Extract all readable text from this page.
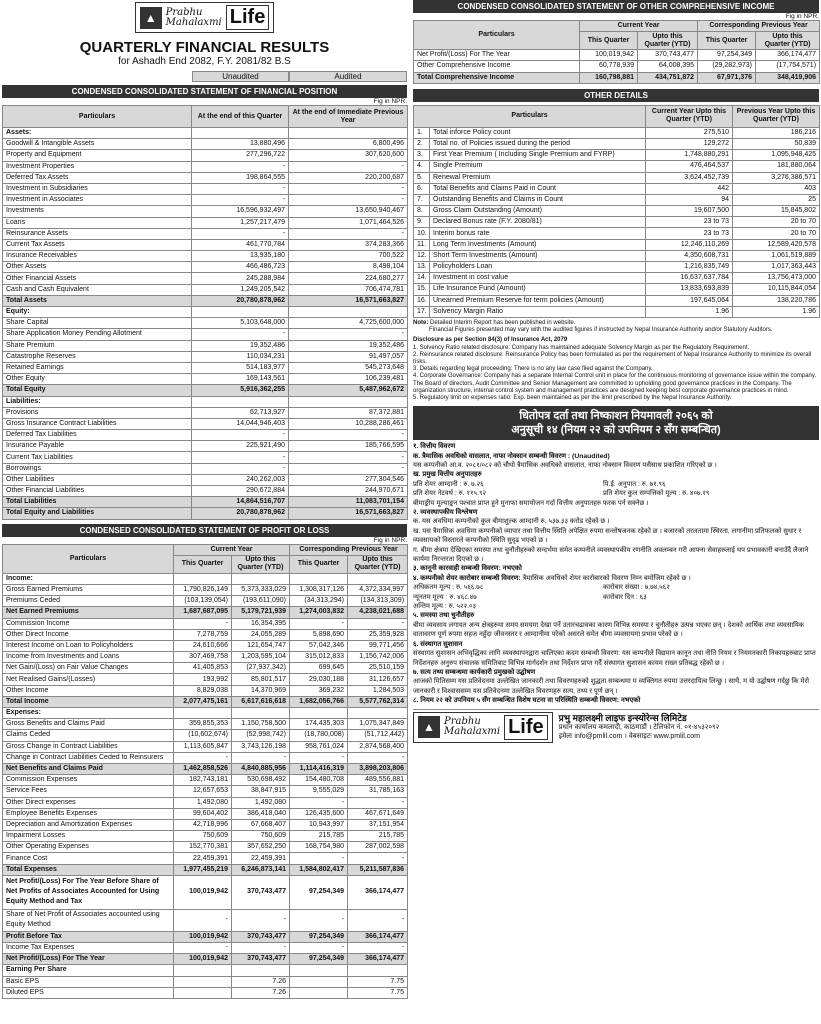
▲ Prabhu
Mahalaxmi Life
QUARTERLY FINANCIAL RESULTS
for Ashadh End 2082, F.Y. 2081/82 B.S
Unaudited	Audited
CONDENSED CONSOLIDATED STATEMENT OF FINANCIAL POSITION
Fig in NPR.
Particulars	At the end of this Quarter	At the end of Immediate Previous Year
Assets:		
Goodwill & Intangible Assets	13,880,496	6,800,496
Property and Equipment	277,296,722	307,620,600
Investment Properties	-	-
Deferred Tax Assets	198,864,555	220,200,687
Investment in Subsidiaries	-	-
Investment in Associates	-	-
Investments	16,596,932,497	13,650,940,467
Loans	1,257,217,479	1,071,464,526
Reinsurance Assets	-	-
Current Tax Assets	461,770,784	374,283,366
Insurance Receivables	13,935,180	700,522
Other Assets	466,486,723	8,498,104
Other Financial Assets	245,288,984	224,680,277
Cash and Cash Equivalent	1,249,205,542	706,474,781
Total Assets	20,780,878,962	16,571,663,827
Equity:		
Share Capital	5,103,648,000	4,725,600,000
Share Application Money Pending Allotment	-	-
Share Premium	19,352,486	19,352,486
Catastrophe Reserves	110,034,231	91,497,057
Retained Earnings	514,183,977	545,273,648
Other Equity	169,143,561	106,239,481
Total Equity	5,916,362,255	5,487,962,672
Liabilities:		
Provisions	62,713,927	87,372,881
Gross Insurance Contract Liabilities	14,044,946,403	10,288,286,461
Deferred Tax Liabilities	-	-
Insurance Payable	225,921,490	185,766,595
Current Tax Liabilities	-	-
Borrowings	-	-
Other Liabilities	240,262,003	277,304,546
Other Financial Liabilities	290,672,884	244,970,671
Total Liabilities	14,864,516,707	11,083,701,154
Total Equity and Liabilities	20,780,878,962	16,571,663,827
CONDENSED CONSOLIDATED STATEMENT OF PROFIT OR LOSS
Fig in NPR.
Particulars	Current Year		Corresponding Previous Year	
	This Quarter	Upto this Quarter (YTD)	This Quarter	Upto this Quarter (YTD)
Income:				
Gross Earned Premiums	1,790,826,149	5,373,333,029	1,308,317,126	4,372,334,997
Premiums Ceded	(103,139,054)	(193,611,090)	(34,313,294)	(134,313,309)
Net Earned Premiums	1,687,687,095	5,179,721,939	1,274,003,832	4,238,021,688
Commission Income	-	16,354,395	-	-
Other Direct Income	7,278,759	24,055,289	5,898,690	25,359,928
Interest Income on Loan to Policyholders	24,610,666	121,654,747	57,042,346	99,771,456
Income from Investments and Loans	307,469,758	1,203,595,104	315,012,833	1,156,742,006
Net Gain/(Loss) on Fair Value Changes	41,405,853	(27,937,342)	699,645	25,510,159
Net Realised Gains/(Losses)	193,992	85,801,517	29,030,188	31,126,657
Other Income	8,829,038	14,370,969	369,232	1,284,503
Total Income	2,077,475,161	6,617,616,618	1,682,056,766	5,577,762,314
Expenses:				
Gross Benefits and Claims Paid	359,855,353	1,150,758,500	174,435,303	1,075,347,849
Claims Ceded	(10,602,674)	(52,998,742)	(18,780,008)	(51,712,442)
Gross Change in Contract Liabilities	1,113,605,847	3,743,126,198	958,761,024	2,874,568,400
Change in Contract Liabilities Ceded to Reinsurers	-	-	-	-
Net Benefits and Claims Paid	1,462,858,526	4,840,885,956	1,114,416,319	3,898,203,806
Commission Expenses	182,743,181	530,698,492	154,480,708	489,556,881
Service Fees	12,657,653	38,847,915	9,555,029	31,785,163
Other Direct expenses	1,492,080	1,492,080	-	-
Employee Benefits Expenses	99,604,402	386,418,040	126,435,600	467,671,649
Depreciation and Amortization Expenses	42,718,996	67,668,407	10,943,997	37,151,954
Impairment Losses	750,609	750,609	215,785	215,785
Other Operating Expenses	152,770,381	357,652,250	168,754,980	287,002,598
Finance Cost	22,459,391	22,459,391	-	-
Total Expenses	1,977,455,219	6,246,873,141	1,584,802,417	5,211,587,836
Net Profit/(Loss) For The Year Before Share of Net Profits of Associates Accounted for Using Equity Method and Tax	100,019,942	370,743,477	97,254,349	366,174,477
Share of Net Profit of Associates accounted using Equity Method	-	-	-	-
Profit Before Tax	100,019,942	370,743,477	97,254,349	366,174,477
Income Tax Expenses	-	-	-	-
Net Profit/(Loss) For The Year	100,019,942	370,743,477	97,254,349	366,174,477
Earning Per Share				
Basic EPS		7.26		7.75
Diluted EPS		7.26		7.75
CONDENSED CONSOLIDATED STATEMENT OF OTHER COMPREHENSIVE INCOME
Fig in NPR.
Particulars	Current Year		Corresponding Previous Year	
	This Quarter	Upto this Quarter (YTD)	This Quarter	Upto this Quarter (YTD)
Net Profit/(Loss) For The Year	100,019,942	370,743,477	97,254,349	366,174,477
Other Comprehensive Income	60,778,939	64,008,395	(29,282,973)	(17,754,571)
Total Comprehensive Income	160,798,881	434,751,872	67,971,376	348,419,906
OTHER DETAILS
Particulars		Current Year Upto this Quarter (YTD)	Previous Year Upto this Quarter (YTD)
1.	Total inforce Policy count	275,510	186,216
2.	Total no. of Policies issued during the period	129,272	50,839
3.	First Year Premium ( Including Single Premium and FYRP)	1,748,880,291	1,095,948,425
4.	Single Premium	476,464,537	181,880,064
5.	Renewal Premium	3,624,452,739	3,276,386,571
6.	Total Benefits and Claims Paid in Count	442	403
7.	Outstanding Benefits and Claims in Count	94	25
8.	Gross Claim Outstanding (Amount)	19,607,500	15,845,802
9.	Declared Bonus rate (F.Y. 2080/81)	23 to 73	20 to 70
10.	Interim bonus rate	23 to 73	20 to 70
11.	Long Term Investments (Amount)	12,246,110,269	12,589,420,578
12.	Short Term Investments (Amount)	4,350,608,731	1,061,519,889
13.	Policyholders Loan	1,216,835,749	1,017,363,443
14.	Investment in cost value	16,637,637,784	13,756,473,000
15.	Life Insurance Fund (Amount)	13,833,693,839	10,115,844,054
16.	Unearned Premium Reserve for term policies (Amount)	197,645,064	138,220,786
17.	Solvency Margin Ratio	1.96	1.96
Note: Detailed Interim Report has been published in website.
Financial Figures presented may vary with the audited figures if instructed by Nepal Insurance Authority and/or Statutory Auditors.
Disclosure as per Section 84(3) of Insurance Act, 2079
1. Solvency Ratio related disclosure: Company has maintained adequate Solvency Margin as per the Regulatory Requirement.
2. Reinsurance related disclosure: Reinsurance Policy has been formulated as per the requirement of Nepal Insurance Authority to minimize its overall risks.
3. Details regarding legal proceeding: There is no any law case filed against the Company.
4. Corporate Governance: Company has a separate Internal Control unit in place for the continuous monitoring of governance issue within the company. The Board of directors, Audit Committee and Senior Management are committed to upholding good governance practices in the Company. The organization structure, internal control system and management practices are designed keeping best corporate governance practices in mind.
5. Regulatory limit on expenses ratio: Exp. been maintained as per the limit prescribed by the Nepal Insurance Authority.
धितोपत्र दर्ता तथा निष्काशन नियमावली २०६५ को
अनुसूची १४ (नियम २२ को उपनियम २ सँग सम्बन्धित)
१. वित्तीय विवरण
क. त्रैमासिक अवधिको वासलात, नाफा नोक्सान सम्बन्धी विवरण : (Unaudited)
यस कम्पनीको आ.व. २०८१/०८२ को चौथो त्रैमासिक अवधिको वासलात, नाफा नोक्सान विवरण यसैसाथ प्रकाशित गरिएको छ ।
ख. प्रमुख वित्तीय अनुपातहरु
प्रति शेयर आम्दानी : रु. ७.२६	पि.ई. अनुपात : रु. ७१.९६
प्रति शेयर नेटवर्थ : रु. ११५.९२	प्रति शेयर कुल सम्पत्तिको मूल्य : रु. ४०७.१९
बीमाङ्कीय मूल्याङ्कन पश्चात प्राप्त हुने मुनाफा समायोजन गर्दा वित्तीय अनुपातहरु फरक पर्न सक्नेछ ।
२. व्यवस्थापकीय विश्लेषण
क. यस अवधिमा कम्पनीको कुल बीमाशुल्क आम्दानी रु. ५३७.३३ करोड रहेको छ ।
ख. यस त्रैमासिक अवधिमा कम्पनीको व्यापार तथा वित्तीय स्थिति अपेक्षित रुपमा सन्तोषजनक रहेको छ । बजारको तरलतामा स्थिरता, लगानीमा प्रतिफलको सुधार र व्यवसायको विस्तारले कम्पनीको स्थिति सुदृढ भएको छ ।
ग. बीमा क्षेत्रमा देखिएका समस्या तथा चुनौतीहरुको सन्दर्भमा समेत कम्पनीले व्यवस्थापकीय रणनीति अवलम्बन गरी आफ्ना सेवाहरुलाई थप प्रभावकारी बनाउँदै लैजाने कार्यमा निरन्तरता दिएको छ ।
३. कानूनी कारवाही सम्बन्धी विवरण: नभएको
४. कम्पनीको शेयर कारोबार सम्बन्धी विवरण: त्रैमासिक अवधिको शेयर कारोबारको विवरण निम्न बमोजिम रहेको छ ।
अधिकतम मूल्य : रु. ५६६.७८	कारोबार संख्या : ७,७४,५६२
न्यूनतम मूल्य : रु. ४६८.४७	कारोबार दिन : ६३
अन्तिम मूल्य : रु. ५२२.०३
५. समस्या तथा चुनौतीहरु
बीमा व्यवसाय लगायत अन्य क्षेत्रहरुमा समय समयमा देखा पर्ने उतारचढावका कारण विभिन्न समस्या र चुनौतीहरु उत्पन्न भएका छन् । देशको आर्थिक तथा व्यवसायिक वातावरण पूर्ण रुपमा सहज नहुँदा जीवनस्तर र आम्दानीमा परेको असरले समेत बीमा व्यवसायमा प्रभाव परेको छ ।
६. संस्थागत सुशासन
संस्थागत सुशासन अभिवृद्धिका लागि व्यवस्थापनद्वारा चालिएका कदम सम्बन्धी विवरण: यस कम्पनीले विद्यमान कानून तथा नीति नियम र नियमनकारी निकायहरुबाट प्राप्त निर्देशनहरु अनुरुप संचालक समितिबाट विभिन्न मार्गदर्शन तथा निर्देशन प्राप्त गर्दै संस्थागत सुशासन कायम राख्न प्रतिबद्ध रहेको छ ।
७. सत्य तथ्य सम्बन्धमा कार्यकारी प्रमुखको उद्घोषण
आजको मितिसम्म यस प्रतिवेदनमा उल्लेखित जानकारी तथा विवरणहरुको शुद्धता सम्बन्धमा म व्यक्तिगत रुपमा उत्तरदायित्व लिन्छु । साथै, म यो उद्घोषण गर्दछु कि मेरो जानकारी र विश्वाससम्म यस प्रतिवेदनमा उल्लेखित विवरणहरु सत्य, तथ्य र पूर्ण छन् ।
८. नियम २२ को उपनियम ५ सँग सम्बन्धित विशेष घटना वा परिस्थिति सम्बन्धी विवरण: नभएको
▲ Prabhu
Mahalaxmi Life	प्रभु महालक्ष्मी लाइफ इन्स्योरेन्स लिमिटेड
प्रधान कार्यालय कमलादी, काठमाडौं । टेलिफोन नं. ०१-४५३२०९२
इमेलः info@pmlil.com । वेबसाइटः www.pmlil.com
